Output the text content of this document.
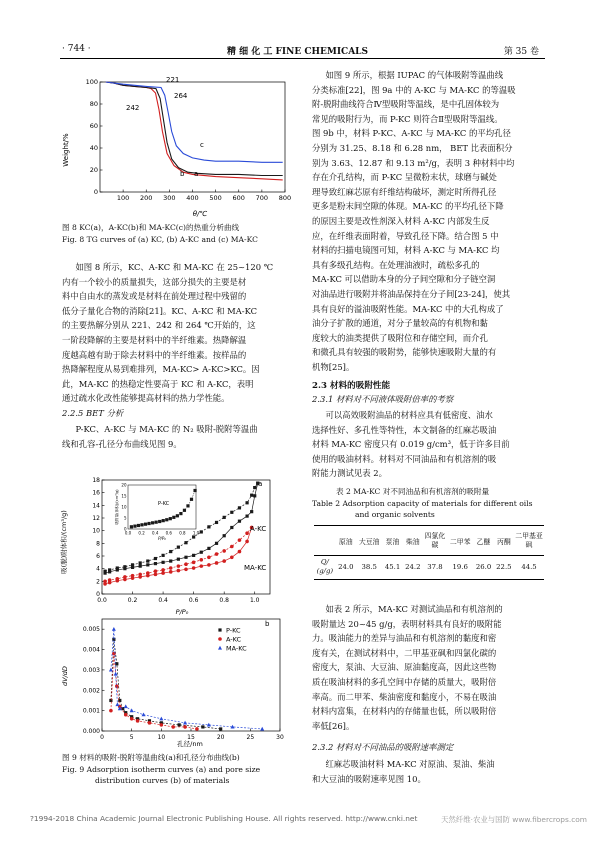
· 744 ·	精 细 化 工 FINE CHEMICALS	第 35 卷
100 200 300 400 500 600 700 800
0
20
40
60
80
100
Weight/%
θ/℃
221
264
242
c
b a
图 8 KC(a)，A-KC(b)和 MA-KC(c)的热重分析曲线
Fig. 8 TG curves of (a) KC, (b) A-KC and (c) MA-KC

如图 8 所示，KC、A-KC 和 MA-KC 在 25~120 ℃

内有一个较小的质量损失，这部分损失的主要是材

料中自由水的蒸发或是材料在前处理过程中残留的

低分子量化合物的消除[21]。KC、A-KC 和 MA-KC

的主要热解分别从 221、242 和 264 ℃开始的，这

一阶段降解的主要是材料中的半纤维素。热降解温

度越高越有助于除去材料中的半纤维素。按样品的

热降解程度从易到难排列，MA-KC> A-KC>KC。因

此，MA-KC 的热稳定性要高于 KC 和 A-KC，表明

通过疏水化改性能够提高材料的热力学性能。

2.2.5 BET 分析

P-KC、A-KC 与 MA-KC 的 N₂ 吸附-脱附等温曲

线和孔容-孔径分布曲线见图 9。

0.0	0.2	0.4	0.6	0.8	1.0
0
2
4
6
8
10
12
14
16
18
0.0 0.2 0.4 0.6 0.8 1.0
0
5
10
15
20
P-KC
吸附量(体积)/(cm³/g)
P/P₀
吸(脱)附体积/(cm³/g)
P/P₀
a
A-KC
MA-KC
0	5	10	15	20	25	30
0.000
0.001
0.002
0.003
0.004
0.005
dV/dD
孔径/nm
b
P-KC
A-KC
MA-KC
图 9 材料的吸附-脱附等温曲线(a)和孔径分布曲线(b)
Fig. 9 Adsorption isotherm curves (a) and pore size
distribution curves (b) of materials

如图 9 所示，根据 IUPAC 的气体吸附等温曲线

分类标准[22]，图 9a 中的 A-KC 与 MA-KC 的等温吸

附-脱附曲线符合Ⅳ型吸附等温线，是中孔固体较为

常见的吸附行为，而 P-KC 则符合Ⅱ型吸附等温线。

图 9b 中，材料 P-KC、A-KC 与 MA-KC 的平均孔径

分别为 31.25、8.18 和 6.28 nm， BET 比表面积分

别为 3.63、12.87 和 9.13 m²/g，表明 3 种材料中均

存在介孔结构，而 P-KC 呈微粉末状，球磨与碱处

理导致红麻芯原有纤维结构破坏，测定时所得孔径

更多是粉末间空隙的体现。MA-KC 的平均孔径下降

的原因主要是改性剂深入材料 A-KC 内部发生反

应，在纤维表面附着，导致孔径下降。结合图 5 中

材料的扫描电镜图可知，材料 A-KC 与 MA-KC 均

具有多级孔结构。在处理油液时，疏松多孔的

MA-KC 可以借助本身的分子间空隙和分子链空洞

对油品进行吸附并将油品保持在分子间[23-24]，使其

具有良好的溢油吸附性能。MA-KC 中的大孔构成了

油分子扩散的通道，对分子量较高的有机物和黏

度较大的油类提供了吸附位和存储空间，而介孔

和微孔具有较强的吸附势，能够快速吸附大量的有

机物[25]。

2.3 材料的吸附性能
2.3.1 材料对不同液体吸附倍率的考察

可以高效吸附油品的材料应具有低密度、油水

选择性好、多孔性等特性，本文制备的红麻芯吸油

材料 MA-KC 密度只有 0.019 g/cm³，低于许多目前

使用的吸油材料。材料对不同油品和有机溶剂的吸

附能力测试见表 2。

表 2 MA-KC 对不同油品和有机溶剂的吸附量
Table 2 Adsorption capacity of materials for different oils
and organic solvents
	原油	大豆油	泵油	柴油	四氯化碳	二甲苯	乙醚	丙酮	二甲基亚砜
Q/
(g/g)	24.0	38.5	45.1	24.2	37.8	19.6	26.0	22.5	44.5

如表 2 所示，MA-KC 对测试油品和有机溶剂的

吸附量达 20~45 g/g，表明材料具有良好的吸附能

力。吸油能力的差异与油品和有机溶剂的黏度和密

度有关，在测试材料中，二甲基亚砜和四氯化碳的

密度大，泵油、大豆油、原油黏度高，因此这些物

质在吸油材料的多孔空间中存储的质量大，吸附倍

率高。而二甲苯、柴油密度和黏度小，不易在吸油

材料内富集，在材料内的存储量也低，所以吸附倍

率低[26]。

2.3.2 材料对不同油品的吸附速率测定

红麻芯吸油材料 MA-KC 对原油、泵油、柴油

和大豆油的吸附速率见图 10。

?1994-2018 China Academic Journal Electronic Publishing House. All rights reserved. http://www.cnki.net	天然纤维·农业与国防 www.fibercrops.com
